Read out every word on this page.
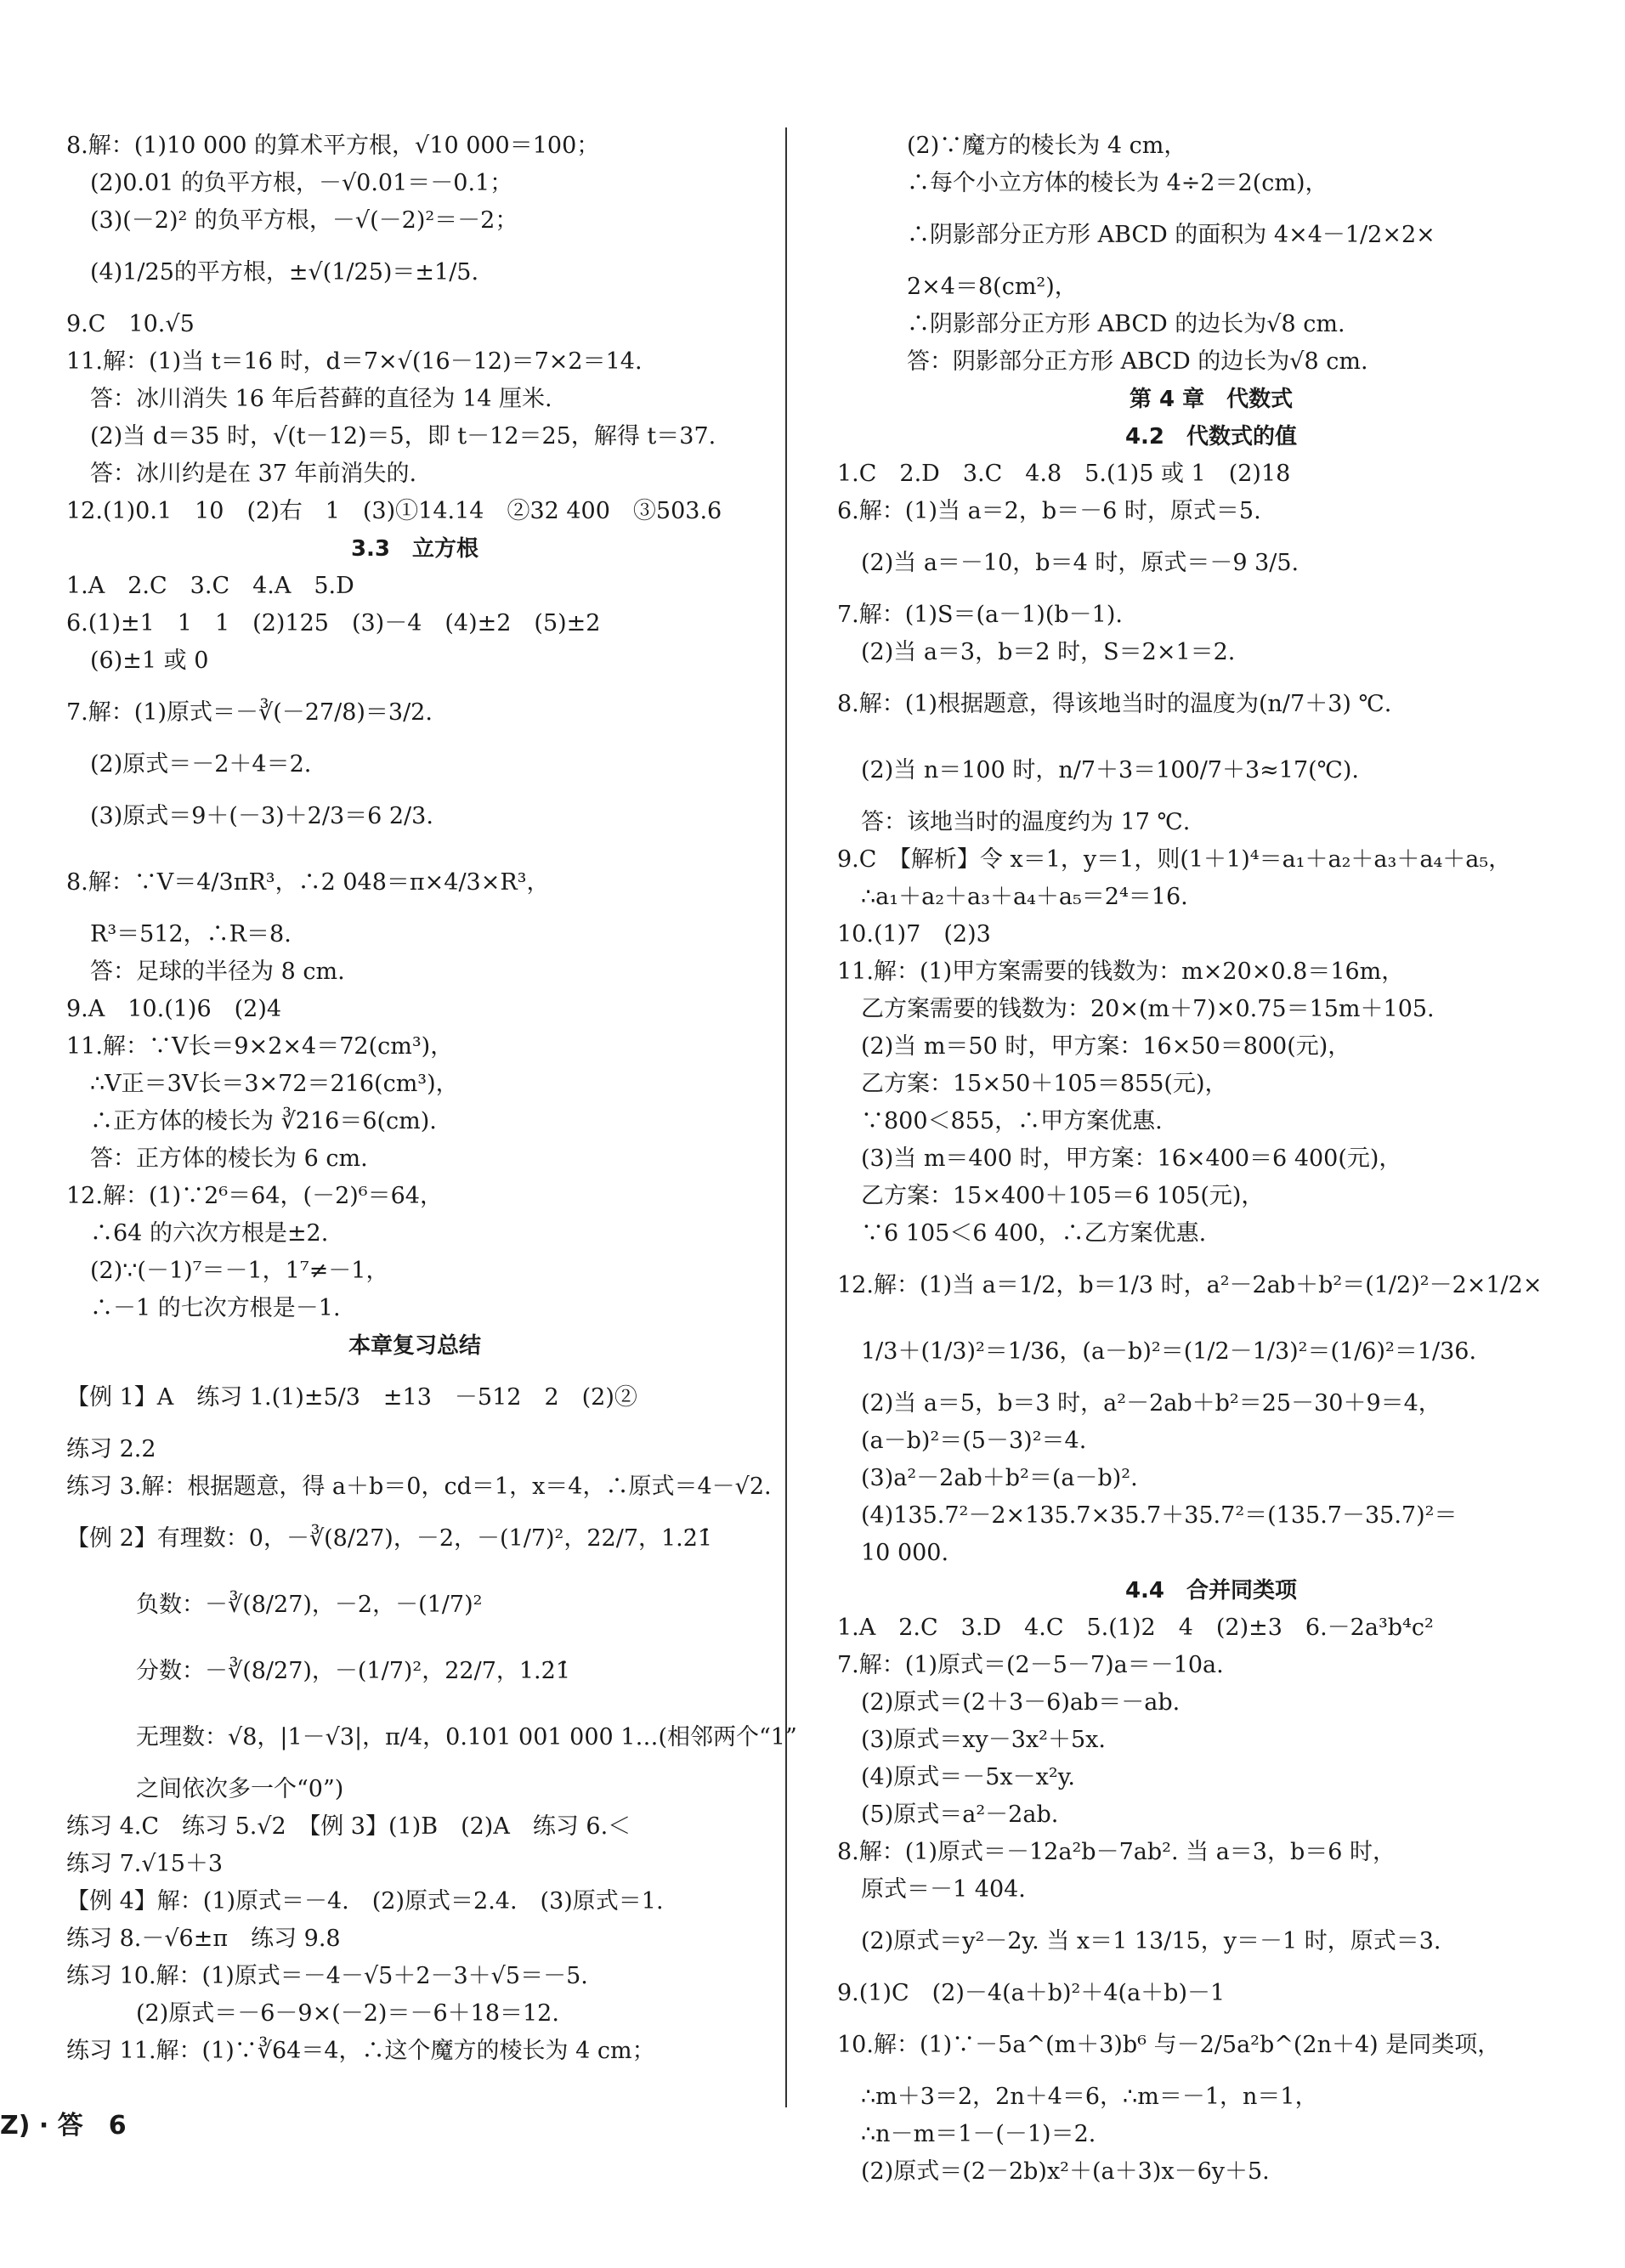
8.解：(1)10 000 的算术平方根，√10 000＝100；
(2)0.01 的负平方根，－√0.01＝－0.1；
(3)(－2)² 的负平方根，－√(－2)²＝－2；
(4)1/25的平方根，±√(1/25)＝±1/5.
9.C　10.√5
11.解：(1)当 t＝16 时，d＝7×√(16－12)＝7×2＝14.
答：冰川消失 16 年后苔藓的直径为 14 厘米.
(2)当 d＝35 时，√(t－12)＝5，即 t－12＝25，解得 t＝37.
答：冰川约是在 37 年前消失的.
12.(1)0.1　10　(2)右　1　(3)①14.14　②32 400　③503.6
3.3　立方根
1.A　2.C　3.C　4.A　5.D
6.(1)±1　1　1　(2)125　(3)－4　(4)±2　(5)±2
(6)±1 或 0
7.解：(1)原式＝－∛(－27/8)＝3/2.
(2)原式＝－2＋4＝2.
(3)原式＝9＋(－3)＋2/3＝6 2/3.
8.解：∵V＝4/3πR³，∴2 048＝π×4/3×R³，
R³＝512，∴R＝8.
答：足球的半径为 8 cm.
9.A　10.(1)6　(2)4
11.解：∵V长＝9×2×4＝72(cm³)，
∴V正＝3V长＝3×72＝216(cm³)，
∴正方体的棱长为 ∛216＝6(cm).
答：正方体的棱长为 6 cm.
12.解：(1)∵2⁶＝64，(－2)⁶＝64，
∴64 的六次方根是±2.
(2)∵(－1)⁷＝－1，1⁷≠－1，
∴－1 的七次方根是－1.
本章复习总结
【例 1】A　练习 1.(1)±5/3　±13　－512　2　(2)②
练习 2.2
练习 3.解：根据题意，得 a＋b＝0，cd＝1，x＝4，∴原式＝4－√2.
【例 2】有理数：0，－∛(8/27)，－2，－(1/7)²，22/7，1.2̇1̇
负数：－∛(8/27)，－2，－(1/7)²
分数：－∛(8/27)，－(1/7)²，22/7，1.2̇1̇
无理数：√8，|1－√3|，π/4，0.101 001 000 1…(相邻两个“1”
之间依次多一个“0”)
练习 4.C　练习 5.√2　【例 3】(1)B　(2)A　练习 6.＜
练习 7.√15＋3
【例 4】解：(1)原式＝－4.　(2)原式＝2.4.　(3)原式＝1.
练习 8.－√6±π　练习 9.8
练习 10.解：(1)原式＝－4－√5＋2－3＋√5＝－5.
(2)原式＝－6－9×(－2)＝－6＋18＝12.
练习 11.解：(1)∵∛64＝4，∴这个魔方的棱长为 4 cm；
(2)∵魔方的棱长为 4 cm，
∴每个小立方体的棱长为 4÷2＝2(cm)，
∴阴影部分正方形 ABCD 的面积为 4×4－1/2×2×
2×4＝8(cm²)，
∴阴影部分正方形 ABCD 的边长为√8 cm.
答：阴影部分正方形 ABCD 的边长为√8 cm.
第 4 章　代数式
4.2　代数式的值
1.C　2.D　3.C　4.8　5.(1)5 或 1　(2)18
6.解：(1)当 a＝2，b＝－6 时，原式＝5.
(2)当 a＝－10，b＝4 时，原式＝－9 3/5.
7.解：(1)S＝(a－1)(b－1).
(2)当 a＝3，b＝2 时，S＝2×1＝2.
8.解：(1)根据题意，得该地当时的温度为(n/7＋3) ℃.
(2)当 n＝100 时，n/7＋3＝100/7＋3≈17(℃).
答：该地当时的温度约为 17 ℃.
9.C　【解析】令 x＝1，y＝1，则(1＋1)⁴＝a₁＋a₂＋a₃＋a₄＋a₅，
∴a₁＋a₂＋a₃＋a₄＋a₅＝2⁴＝16.
10.(1)7　(2)3
11.解：(1)甲方案需要的钱数为：m×20×0.8＝16m，
乙方案需要的钱数为：20×(m＋7)×0.75＝15m＋105.
(2)当 m＝50 时，甲方案：16×50＝800(元)，
乙方案：15×50＋105＝855(元)，
∵800＜855，∴甲方案优惠.
(3)当 m＝400 时，甲方案：16×400＝6 400(元)，
乙方案：15×400＋105＝6 105(元)，
∵6 105＜6 400，∴乙方案优惠.
12.解：(1)当 a＝1/2，b＝1/3 时，a²－2ab＋b²＝(1/2)²－2×1/2×
1/3＋(1/3)²＝1/36，(a－b)²＝(1/2－1/3)²＝(1/6)²＝1/36.
(2)当 a＝5，b＝3 时，a²－2ab＋b²＝25－30＋9＝4，
(a－b)²＝(5－3)²＝4.
(3)a²－2ab＋b²＝(a－b)².
(4)135.7²－2×135.7×35.7＋35.7²＝(135.7－35.7)²＝
10 000.
4.4　合并同类项
1.A　2.C　3.D　4.C　5.(1)2　4　(2)±3　6.－2a³b⁴c²
7.解：(1)原式＝(2－5－7)a＝－10a.
(2)原式＝(2＋3－6)ab＝－ab.
(3)原式＝xy－3x²＋5x.
(4)原式＝－5x－x²y.
(5)原式＝a²－2ab.
8.解：(1)原式＝－12a²b－7ab². 当 a＝3，b＝6 时，
原式＝－1 404.
(2)原式＝y²－2y. 当 x＝1 13/15，y＝－1 时，原式＝3.
9.(1)C　(2)－4(a＋b)²＋4(a＋b)－1
10.解：(1)∵－5a^(m＋3)b⁶ 与－2/5a²b^(2n＋4) 是同类项，
∴m＋3＝2，2n＋4＝6，∴m＝－1，n＝1，
∴n－m＝1－(－1)＝2.
(2)原式＝(2－2b)x²＋(a＋3)x－6y＋5.
Z) · 答　6
